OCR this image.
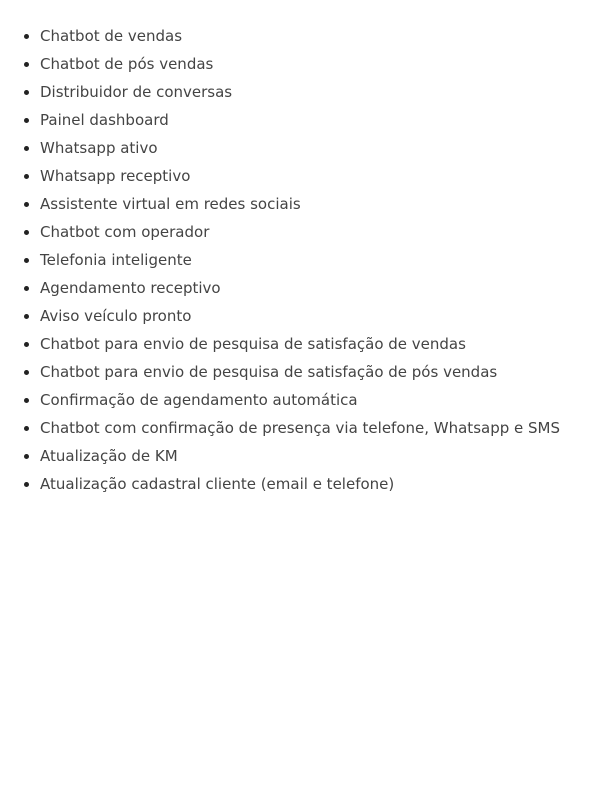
• Chatbot de vendas
• Chatbot de pós vendas
• Distribuidor de conversas
• Painel dashboard
• Whatsapp ativo
• Whatsapp receptivo
• Assistente virtual em redes sociais
• Chatbot com operador
• Telefonia inteligente
• Agendamento receptivo
• Aviso veículo pronto
• Chatbot para envio de pesquisa de satisfação de vendas
• Chatbot para envio de pesquisa de satisfação de pós vendas
• Confirmação de agendamento automática
• Chatbot com confirmação de presença via telefone, Whatsapp e SMS
• Atualização de KM
• Atualização cadastral cliente (email e telefone)
